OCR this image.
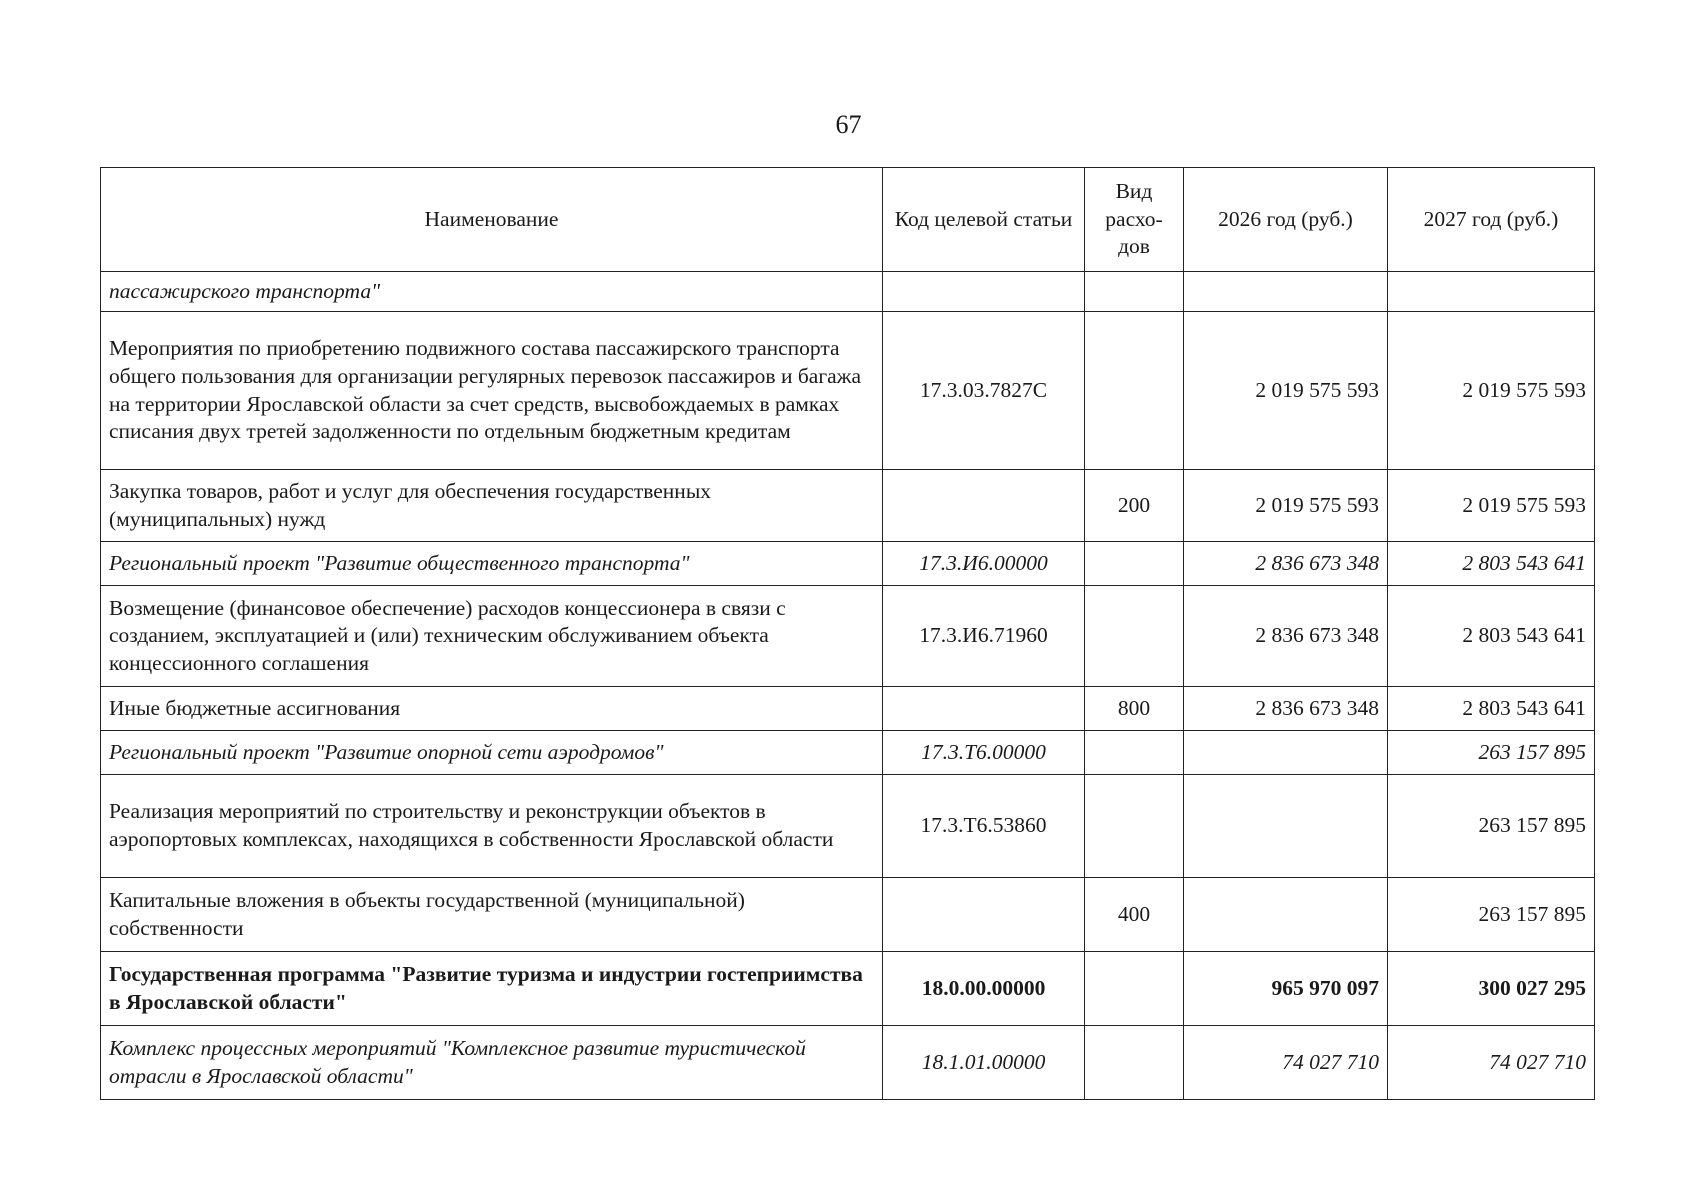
67
Наименование	Код целевой статьи	Вид расхо-дов	2026 год (руб.)	2027 год (руб.)
пассажирского транспорта"				
Мероприятия по приобретению подвижного состава пассажирского транспорта общего пользования для организации регулярных перевозок пассажиров и багажа на территории Ярославской области за счет средств, высвобождаемых в рамках списания двух третей задолженности по отдельным бюджетным кредитам	17.3.03.7827С		2 019 575 593	2 019 575 593
Закупка товаров, работ и услуг для обеспечения государственных (муниципальных) нужд		200	2 019 575 593	2 019 575 593
Региональный проект "Развитие общественного транспорта"	17.3.И6.00000		2 836 673 348	2 803 543 641
Возмещение (финансовое обеспечение) расходов концессионера в связи с созданием, эксплуатацией и (или) техническим обслуживанием объекта концессионного соглашения	17.3.И6.71960		2 836 673 348	2 803 543 641
Иные бюджетные ассигнования		800	2 836 673 348	2 803 543 641
Региональный проект "Развитие опорной сети аэродромов"	17.3.Т6.00000			263 157 895
Реализация мероприятий по строительству и реконструкции объектов в аэропортовых комплексах, находящихся в собственности Ярославской области	17.3.Т6.53860			263 157 895
Капитальные вложения в объекты государственной (муниципальной) собственности		400		263 157 895
Государственная программа "Развитие туризма и индустрии гостеприимства в Ярославской области"	18.0.00.00000		965 970 097	300 027 295
Комплекс процессных мероприятий "Комплексное развитие туристической отрасли в Ярославской области"	18.1.01.00000		74 027 710	74 027 710
